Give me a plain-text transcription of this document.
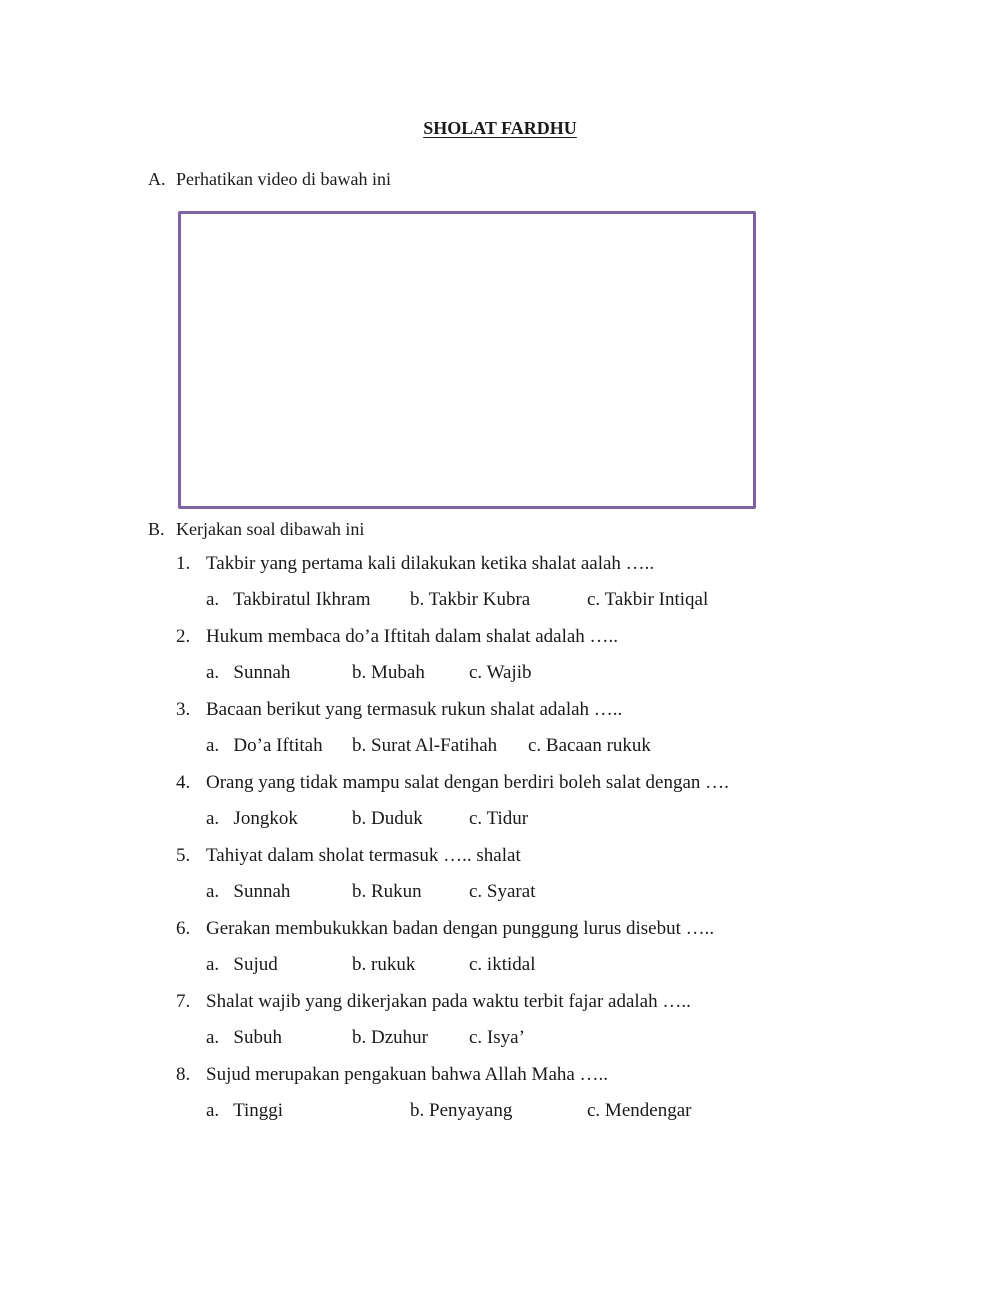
SHOLAT FARDHU
A. Perhatikan video di bawah ini
B. Kerjakan soal dibawah ini
1. Takbir yang pertama kali dilakukan ketika shalat aalah …..
a.   Takbiratul Ikhram b. Takbir Kubra	c. Takbir Intiqal
2. Hukum membaca do’a Iftitah dalam shalat adalah …..
a.   Sunnah	b. Mubah c. Wajib
3. Bacaan berikut yang termasuk rukun shalat adalah …..
a.   Do’a Iftitah b. Surat Al-Fatihah c. Bacaan rukuk
4. Orang yang tidak mampu salat dengan berdiri boleh salat dengan ….
a.   Jongkok	b. Duduk c. Tidur
5. Tahiyat dalam sholat termasuk ….. shalat
a.   Sunnah	b. Rukun c. Syarat
6. Gerakan membukukkan badan dengan punggung lurus disebut …..
a.   Sujud	b. rukuk	c. iktidal
7. Shalat wajib yang dikerjakan pada waktu terbit fajar adalah …..
a.   Subuh	b. Dzuhur c. Isya’
8. Sujud merupakan pengakuan bahwa Allah Maha …..
a.   Tinggi	b. Penyayang	c. Mendengar
